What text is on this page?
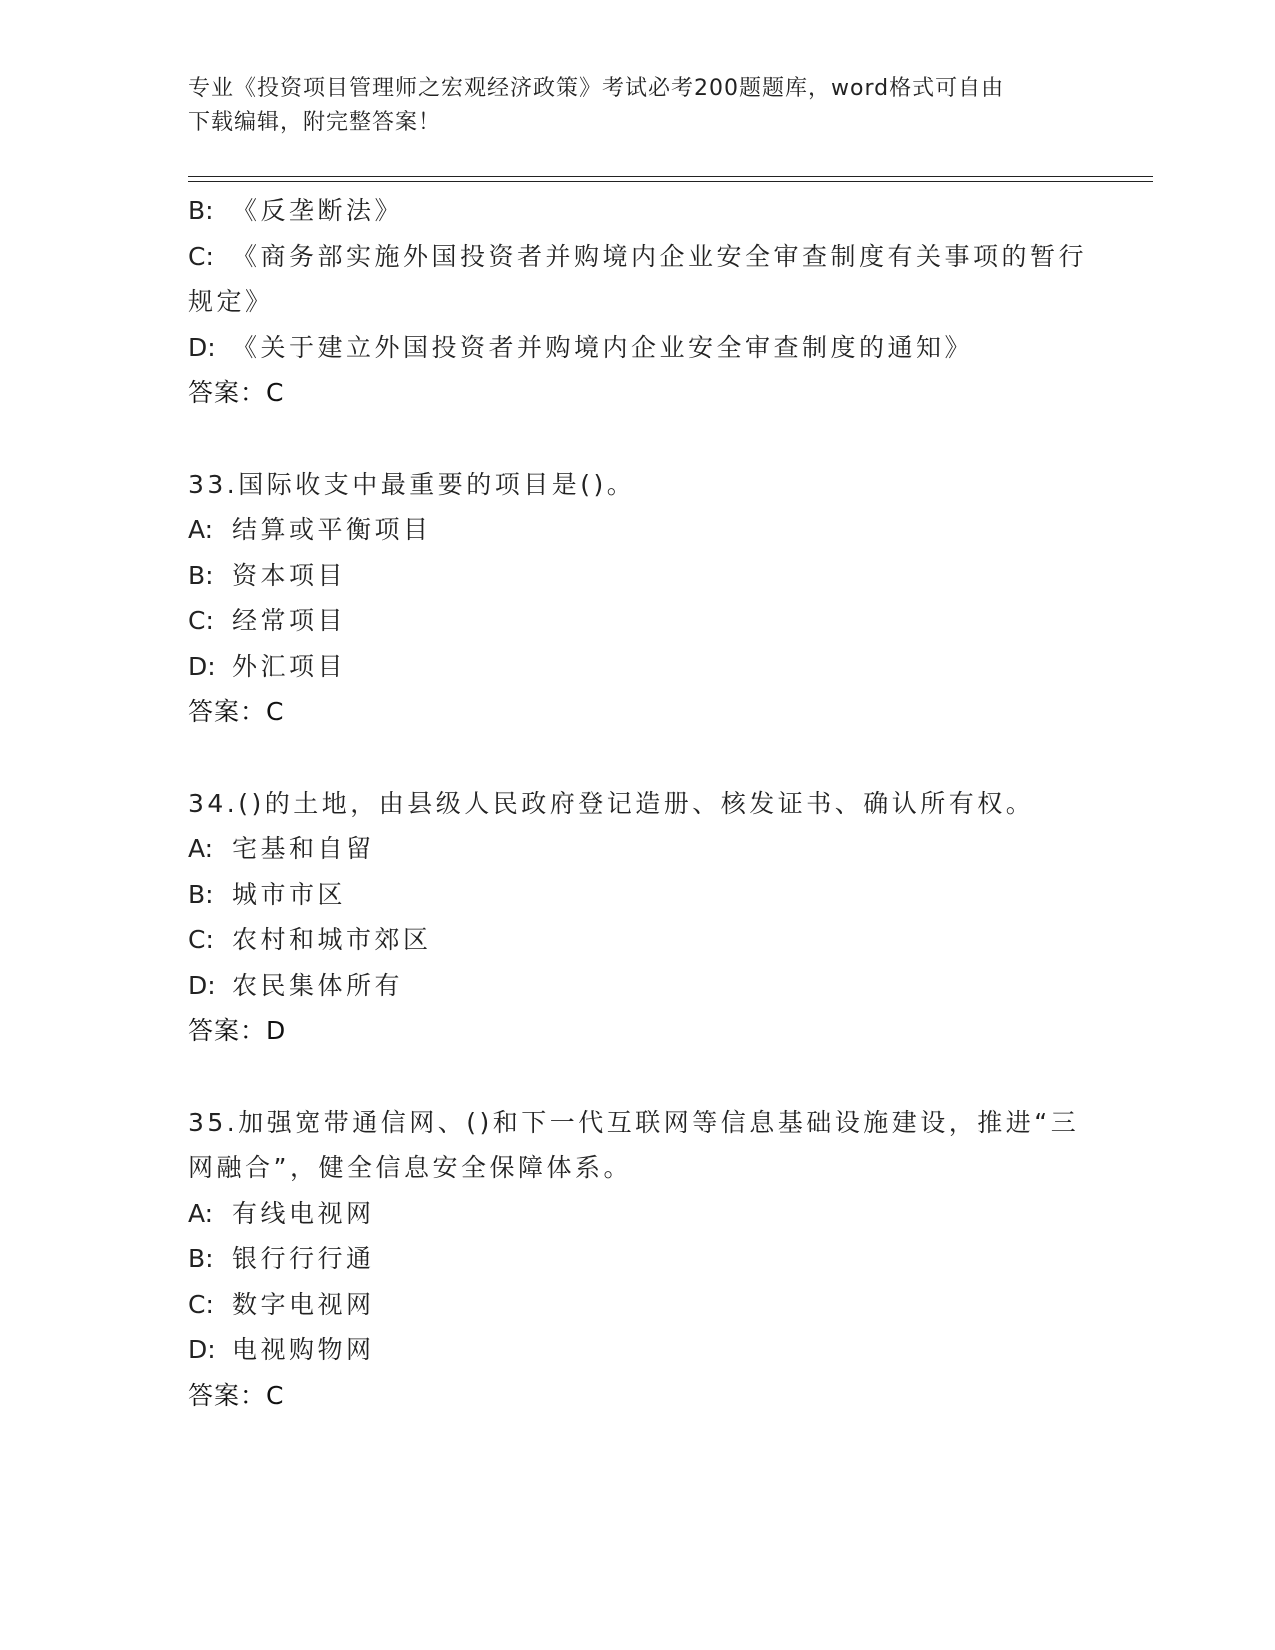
专业《投资项目管理师之宏观经济政策》考试必考200题题库，word格式可自由
下载编辑，附完整答案！
B: 《反垄断法》
C: 《商务部实施外国投资者并购境内企业安全审查制度有关事项的暂行规定》
D: 《关于建立外国投资者并购境内企业安全审查制度的通知》
答案：C
33.国际收支中最重要的项目是()。
A: 结算或平衡项目
B: 资本项目
C: 经常项目
D: 外汇项目
答案：C
34.()的土地，由县级人民政府登记造册、核发证书、确认所有权。
A: 宅基和自留
B: 城市市区
C: 农村和城市郊区
D: 农民集体所有
答案：D
35.加强宽带通信网、()和下一代互联网等信息基础设施建设，推进“三网融合”，健全信息安全保障体系。
A: 有线电视网
B: 银行行行通
C: 数字电视网
D: 电视购物网
答案：C
